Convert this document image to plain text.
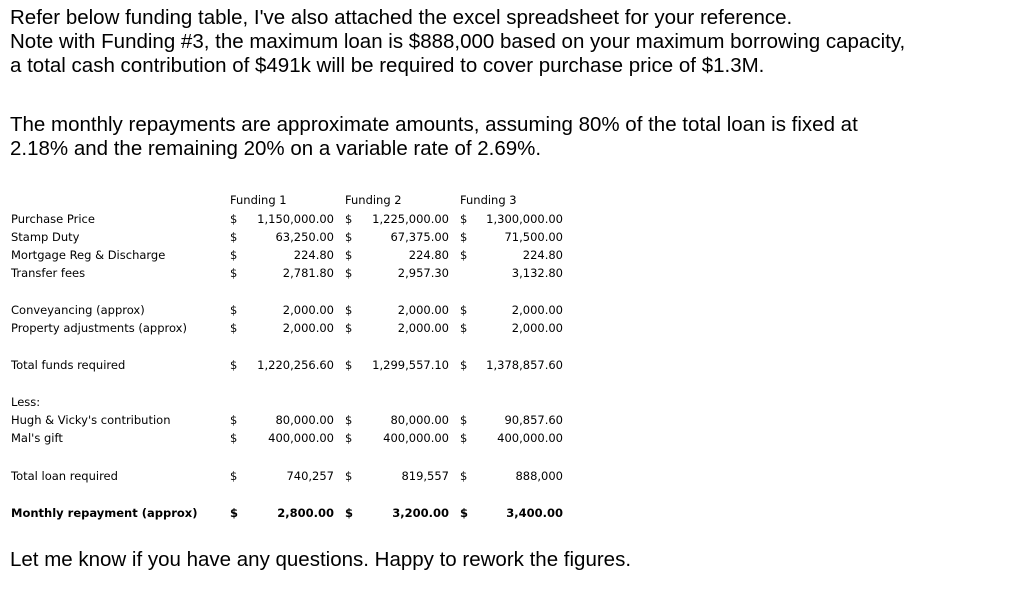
Refer below funding table, I've also attached the excel spreadsheet for your reference.
Note with Funding #3, the maximum loan is $888,000 based on your maximum borrowing capacity,
a total cash contribution of $491k will be required to cover purchase price of $1.3M.

The monthly repayments are approximate amounts, assuming 80% of the total loan is fixed at
2.18% and the remaining 20% on a variable rate of 2.69%.

Funding 1	Funding 2	Funding 3
Purchase Price	$	1,150,000.00 $	1,225,000.00 $	1,300,000.00
Stamp Duty	$	63,250.00 $	67,375.00 $	71,500.00
Mortgage Reg & Discharge	$	224.80 $	224.80 $	224.80
Transfer fees	$	2,781.80 $	2,957.30	3,132.80
Conveyancing (approx)	$	2,000.00 $	2,000.00 $	2,000.00
Property adjustments (approx)	$	2,000.00 $	2,000.00 $	2,000.00
Total funds required	$	1,220,256.60 $	1,299,557.10 $	1,378,857.60
Less:
Hugh & Vicky's contribution	$	80,000.00 $	80,000.00 $	90,857.60
Mal's gift	$	400,000.00 $	400,000.00 $	400,000.00
Total loan required	$	740,257 $	819,557 $	888,000
Monthly repayment (approx)	$	2,800.00 $	3,200.00 $	3,400.00

Let me know if you have any questions. Happy to rework the figures.
